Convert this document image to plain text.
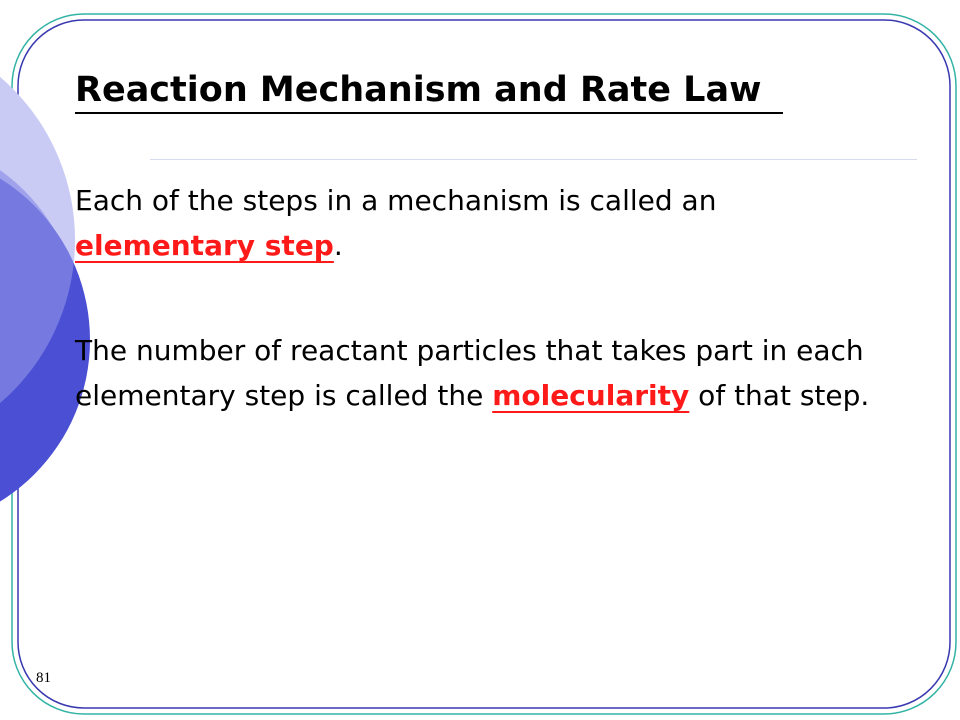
Reaction Mechanism and Rate Law
Each of the steps in a mechanism is called an elementary step.
The number of reactant particles that takes part in each elementary step is called the molecularity of that step.
81
